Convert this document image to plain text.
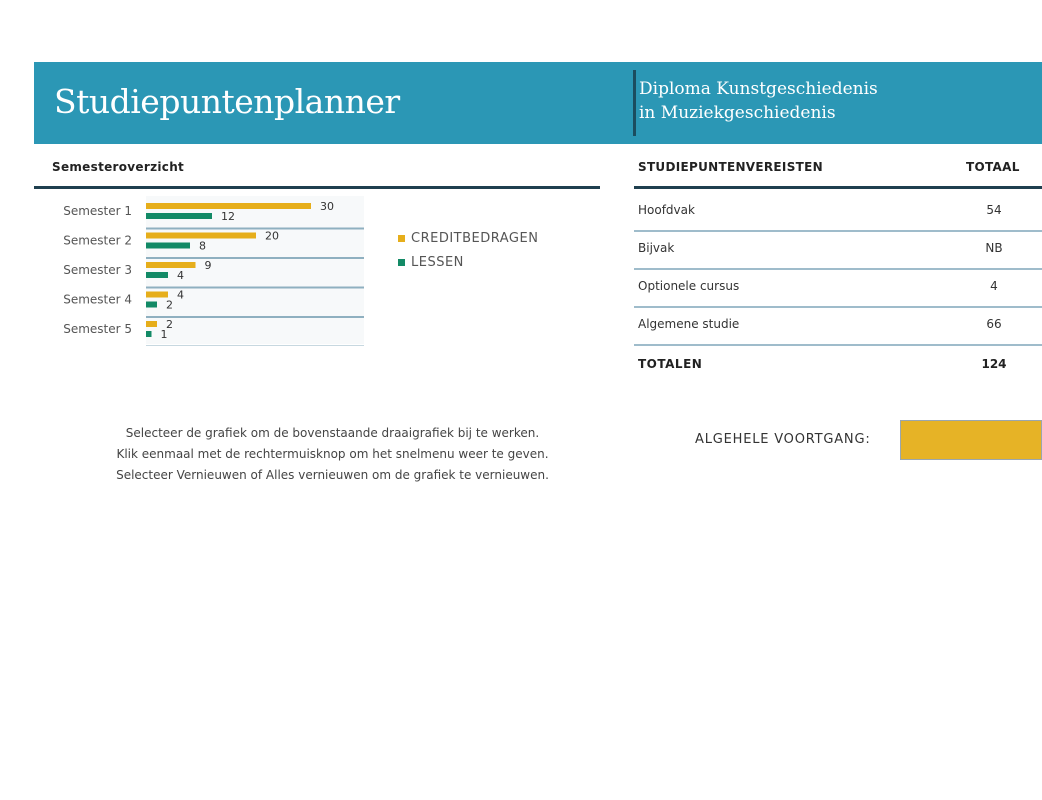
Studiepuntenplanner	Diploma Kunstgeschiedenis
in Muziekgeschiedenis
Semesteroverzicht	STUDIEPUNTENVEREISTEN	TOTAAL
Semester 1	30
12
Semester 2	20
8
Semester 3	9
4
Semester 4	4
2
Semester 5	2
1
CREDITBEDRAGEN
LESSEN
Hoofdvak	54
Bijvak	NB
Optionele cursus	4
Algemene studie	66
TOTALEN	124
Selecteer de grafiek om de bovenstaande draaigrafiek bij te werken.
Klik eenmaal met de rechtermuisknop om het snelmenu weer te geven.
Selecteer Vernieuwen of Alles vernieuwen om de grafiek te vernieuwen.
ALGEHELE VOORTGANG:
